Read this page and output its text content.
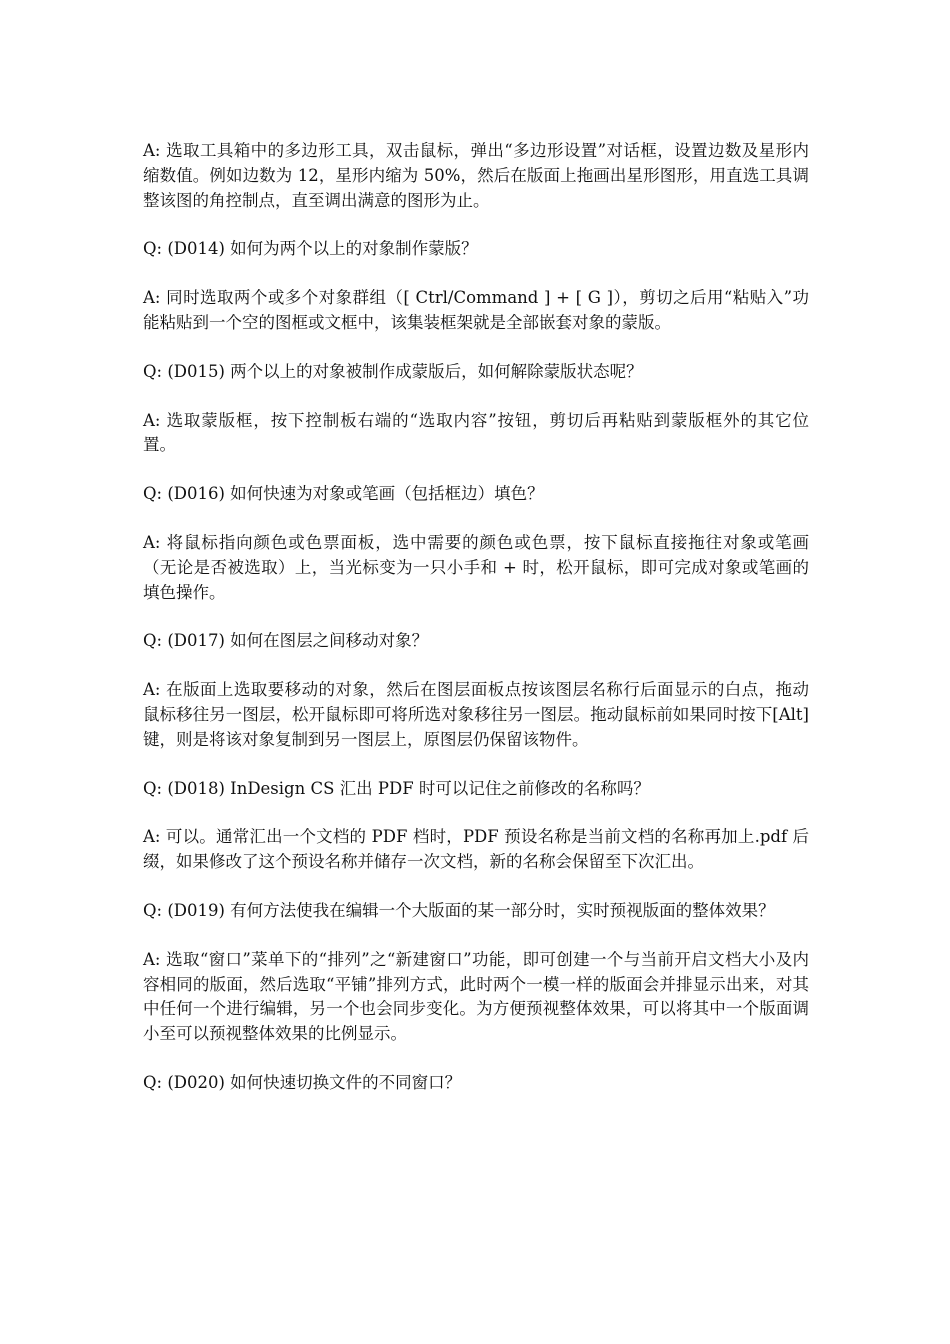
A: 选取工具箱中的多边形工具，双击鼠标，弹出“多边形设置”对话框，设置边数及星形内缩数值。例如边数为 12，星形内缩为 50%，然后在版面上拖画出星形图形，用直选工具调整该图的角控制点，直至调出满意的图形为止。

Q: (D014) 如何为两个以上的对象制作蒙版？

A: 同时选取两个或多个对象群组（[ Ctrl/Command ] + [ G ]），剪切之后用“粘贴入”功能粘贴到一个空的图框或文框中，该集装框架就是全部嵌套对象的蒙版。

Q: (D015) 两个以上的对象被制作成蒙版后，如何解除蒙版状态呢？

A: 选取蒙版框，按下控制板右端的“选取内容”按钮，剪切后再粘贴到蒙版框外的其它位置。

Q: (D016) 如何快速为对象或笔画（包括框边）填色？

A: 将鼠标指向颜色或色票面板，选中需要的颜色或色票，按下鼠标直接拖往对象或笔画（无论是否被选取）上，当光标变为一只小手和 + 时，松开鼠标，即可完成对象或笔画的填色操作。

Q: (D017) 如何在图层之间移动对象？

A: 在版面上选取要移动的对象，然后在图层面板点按该图层名称行后面显示的白点，拖动鼠标移往另一图层，松开鼠标即可将所选对象移往另一图层。拖动鼠标前如果同时按下[Alt]键，则是将该对象复制到另一图层上，原图层仍保留该物件。

Q: (D018) InDesign CS 汇出 PDF 时可以记住之前修改的名称吗？

A: 可以。通常汇出一个文档的 PDF 档时，PDF 预设名称是当前文档的名称再加上.pdf 后缀，如果修改了这个预设名称并储存一次文档，新的名称会保留至下次汇出。

Q: (D019) 有何方法使我在编辑一个大版面的某一部分时，实时预视版面的整体效果？

A: 选取“窗口”菜单下的“排列”之“新建窗口”功能，即可创建一个与当前开启文档大小及内容相同的版面，然后选取“平铺”排列方式，此时两个一模一样的版面会并排显示出来，对其中任何一个进行编辑，另一个也会同步变化。为方便预视整体效果，可以将其中一个版面调小至可以预视整体效果的比例显示。

Q: (D020) 如何快速切换文件的不同窗口？
